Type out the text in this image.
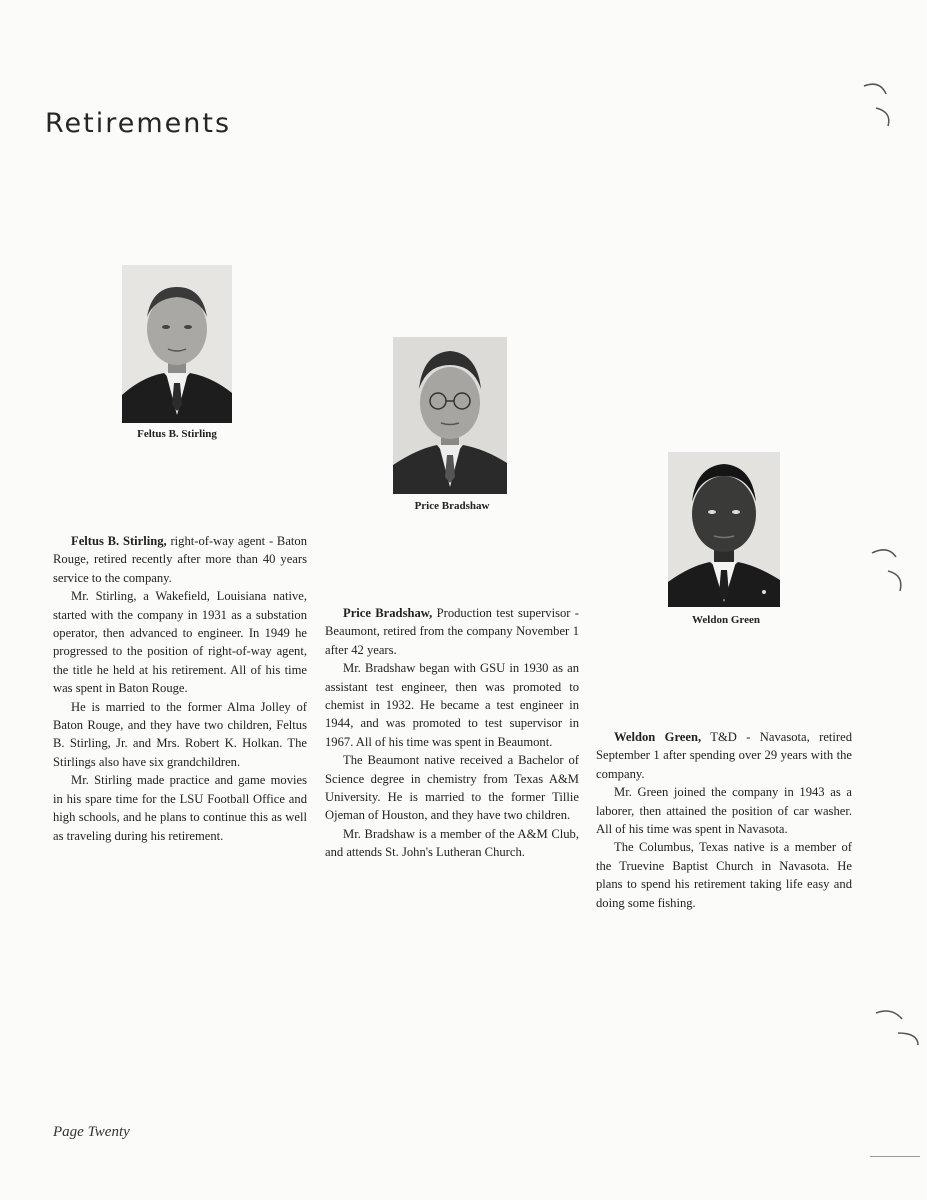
Retirements
Feltus B. Stirling
Price Bradshaw
Weldon Green

Feltus B. Stirling, right-of-way agent - Baton Rouge, retired recently after more than 40 years service to the company.

Mr. Stirling, a Wakefield, Louisiana native, started with the company in 1931 as a substation operator, then advanced to engineer. In 1949 he progressed to the position of right-of-way agent, the title he held at his retirement. All of his time was spent in Baton Rouge.

He is married to the former Alma Jolley of Baton Rouge, and they have two children, Feltus B. Stirling, Jr. and Mrs. Robert K. Holkan. The Stirlings also have six grandchildren.

Mr. Stirling made practice and game movies in his spare time for the LSU Football Office and high schools, and he plans to continue this as well as traveling during his retirement.

Price Bradshaw, Production test supervisor - Beaumont, retired from the company November 1 after 42 years.

Mr. Bradshaw began with GSU in 1930 as an assistant test engineer, then was promoted to chemist in 1932. He became a test engineer in 1944, and was promoted to test supervisor in 1967. All of his time was spent in Beaumont.

The Beaumont native received a Bachelor of Science degree in chemistry from Texas A&M University. He is married to the former Tillie Ojeman of Houston, and they have two children.

Mr. Bradshaw is a member of the A&M Club, and attends St. John's Lutheran Church.

Weldon Green, T&D - Navasota, retired September 1 after spending over 29 years with the company.

Mr. Green joined the company in 1943 as a laborer, then attained the position of car washer. All of his time was spent in Navasota.

The Columbus, Texas native is a member of the Truevine Baptist Church in Navasota. He plans to spend his retirement taking life easy and doing some fishing.

Page Twenty
